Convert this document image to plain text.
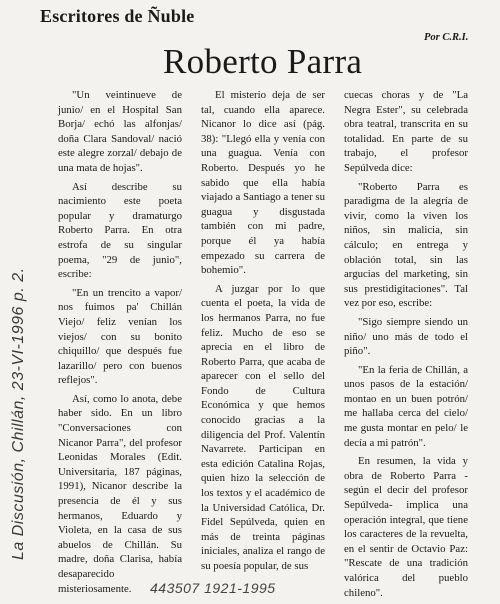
Escritores de Ñuble
Por C.R.I.
Roberto Parra

"Un veintinueve de junio/ en el Hospital San Borja/ echó las alfonjas/ doña Clara Sandoval/ nació este alegre zorzal/ debajo de una mata de hojas".

Así describe su nacimiento este poeta popular y dramaturgo Roberto Parra. En otra estrofa de su singular poema, "29 de junio", escribe:

"En un trencito a vapor/ nos fuimos pa' Chillán Viejo/ feliz venían los viejos/ con su bonito chiquillo/ que después fue lazarillo/ pero con buenos reflejos".

Así, como lo anota, debe haber sido. En un libro "Conversaciones con Nicanor Parra", del profesor Leonidas Morales (Edit. Universitaria, 187 páginas, 1991), Nicanor describe la presencia de él y sus hermanos, Eduardo y Violeta, en la casa de sus abuelos de Chillán. Su madre, doña Clarisa, había desaparecido misteriosamente.

El misterio deja de ser tal, cuando ella aparece. Nicanor lo dice así (pág. 38): "Llegó ella y venía con una guagua. Venía con Roberto. Después yo he sabido que ella había viajado a Santiago a tener su guagua y disgustada también con mi padre, porque él ya había empezado su carrera de bohemio".

A juzgar por lo que cuenta el poeta, la vida de los hermanos Parra, no fue feliz. Mucho de eso se aprecia en el libro de Roberto Parra, que acaba de aparecer con el sello del Fondo de Cultura Económica y que hemos conocido gracias a la diligencia del Prof. Valentín Navarrete. Participan en esta edición Catalina Rojas, quien hizo la selección de los textos y el académico de la Universidad Católica, Dr. Fidel Sepúlveda, quien en más de treinta páginas iniciales, analiza el rango de su poesía popular, de sus

cuecas choras y de "La Negra Ester", su celebrada obra teatral, transcrita en su totalidad. En parte de su trabajo, el profesor Sepúlveda dice:

"Roberto Parra es paradigma de la alegría de vivir, como la viven los niños, sin malicia, sin cálculo; en entrega y oblación total, sin las argucias del marketing, sin sus prestidigitaciones". Tal vez por eso, escribe:

"Sigo siempre siendo un niño/ uno más de todo el piño".

"En la feria de Chillán, a unos pasos de la estación/ montao en un buen potrón/ me hallaba cerca del cielo/ me gusta montar en pelo/ le decía a mi patrón".

En resumen, la vida y obra de Roberto Parra -según el decir del profesor Sepúlveda- implica una operación integral, que tiene los caracteres de la revuelta, en el sentir de Octavio Paz: "Rescate de una tradición valórica del pueblo chileno".

La Discusión, Chillán, 23-VI-1996 p. 2.
443507 1921-1995
